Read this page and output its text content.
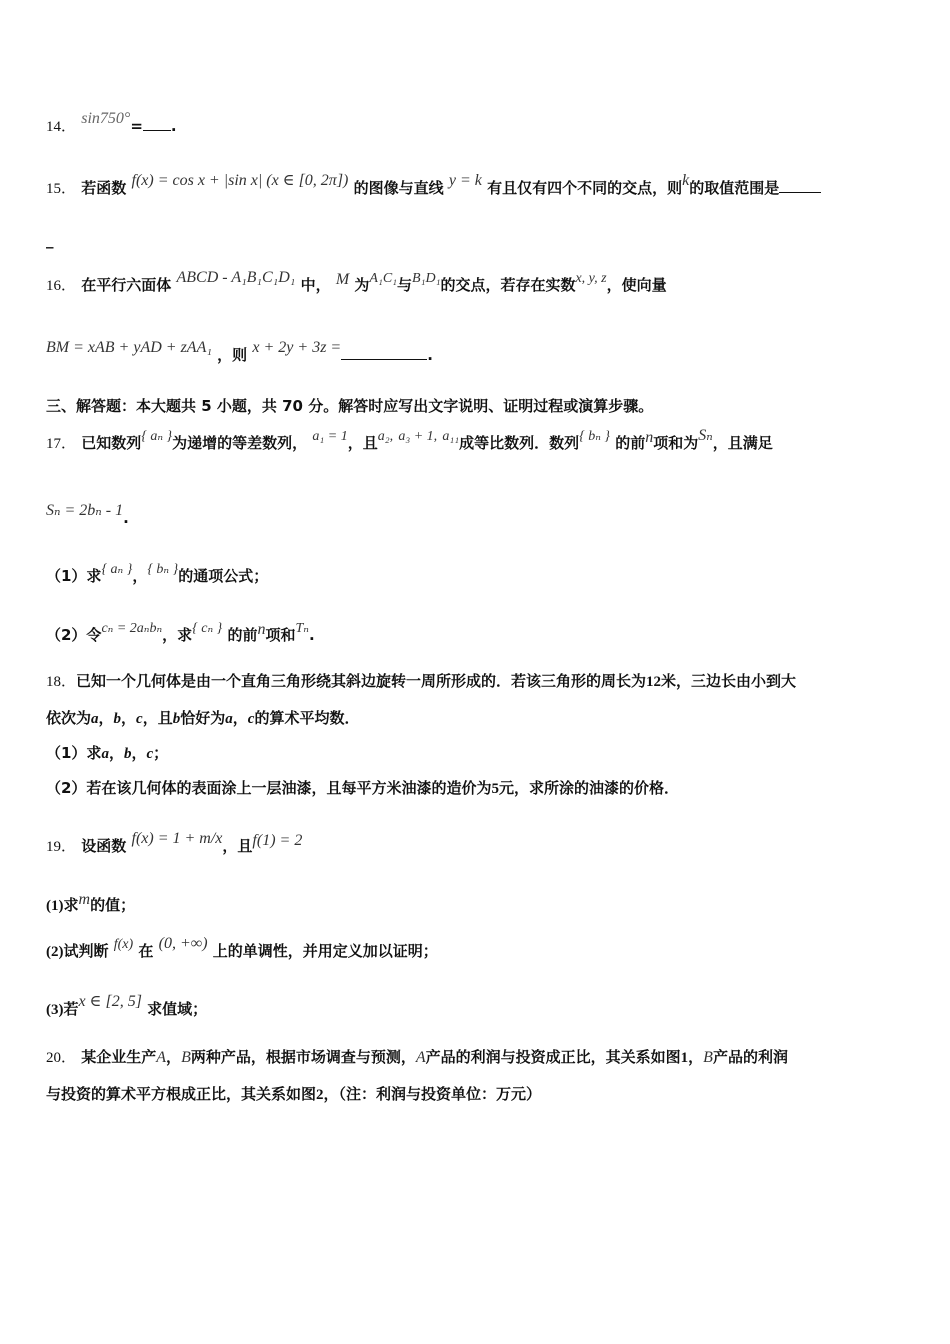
14． sin750°= .
15． 若函数 f(x) = cos x + |sin x| (x ∈ [0, 2π]) 的图像与直线 y = k 有且仅有四个不同的交点，则k的取值范围是
_
16． 在平行六面体 ABCD - A₁B₁C₁D₁ 中， M 为A₁C₁与B₁D₁的交点，若存在实数x, y, z，使向量
BM = xAB + yAD + zAA₁ ，则 x + 2y + 3z =	.
三、解答题：本大题共 5 小题，共 70 分。解答时应写出文字说明、证明过程或演算步骤。
17． 已知数列{ aₙ }为递增的等差数列， a₁ = 1，且a₂, a₃ + 1, a₁₁成等比数列．数列{ bₙ } 的前n项和为Sₙ，且满足
Sₙ = 2bₙ - 1.
（1）求{ aₙ }，{ bₙ }的通项公式；
（2）令cₙ = 2aₙbₙ，求{ cₙ } 的前n项和Tₙ.
18．已知一个几何体是由一个直角三角形绕其斜边旋转一周所形成的．若该三角形的周长为12米，三边长由小到大
依次为a，b，c，且b恰好为a，c的算术平均数．
（1）求a，b，c；
（2）若在该几何体的表面涂上一层油漆，且每平方米油漆的造价为5元，求所涂的油漆的价格．
19． 设函数 f(x) = 1 + m/x，且f(1) = 2
(1)求m的值；
(2)试判断 f(x) 在 (0, +∞) 上的单调性，并用定义加以证明；
(3)若x ∈ [2, 5] 求值域；
20． 某企业生产A，B两种产品，根据市场调查与预测，A产品的利润与投资成正比，其关系如图1，B产品的利润
与投资的算术平方根成正比，其关系如图2，（注：利润与投资单位：万元）
